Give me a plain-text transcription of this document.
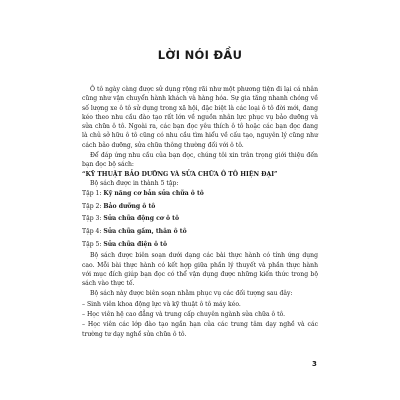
LỜI NÓI ĐẦU

Ô tô ngày càng được sử dụng rộng rãi như một phương tiện đi lại cá nhân cũng như vận chuyển hành khách và hàng hóa. Sự gia tăng nhanh chóng về số lượng xe ô tô sử dụng trong xã hội, đặc biệt là các loại ô tô đời mới, đang kéo theo nhu cầu đào tạo rất lớn về nguồn nhân lực phục vụ bảo dưỡng và sửa chữa ô tô. Ngoài ra, các bạn đọc yêu thích ô tô hoặc các bạn đọc đang là chủ sở hữu ô tô cũng có nhu cầu tìm hiểu về cấu tạo, nguyên lý cũng như cách bảo dưỡng, sửa chữa thông thường đối với ô tô.

Để đáp ứng nhu cầu của bạn đọc, chúng tôi xin trân trọng giới thiệu đến bạn đọc bộ sách:

“KỸ THUẬT BẢO DƯỠNG VÀ SỬA CHỮA Ô TÔ HIỆN ĐẠI”

Bộ sách được in thành 5 tập:

Tập 1: Kỹ năng cơ bản sửa chữa ô tô

Tập 2: Bảo dưỡng ô tô

Tập 3: Sửa chữa động cơ ô tô

Tập 4: Sửa chữa gầm, thân ô tô

Tập 5: Sửa chữa điện ô tô

Bộ sách được biên soạn dưới dạng các bài thực hành có tính ứng dụng cao. Mỗi bài thực hành có kết hợp giữa phần lý thuyết và phần thực hành với mục đích giúp bạn đọc có thể vận dụng được những kiến thức trong bộ sách vào thực tế.

Bộ sách này được biên soạn nhằm phục vụ các đối tượng sau đây:

– Sinh viên khoa động lực và kỹ thuật ô tô máy kéo.

– Học viên hệ cao đẳng và trung cấp chuyên ngành sửa chữa ô tô.

– Học viên các lớp đào tạo ngắn hạn của các trung tâm dạy nghề và các trường tư dạy nghề sửa chữa ô tô.

3
